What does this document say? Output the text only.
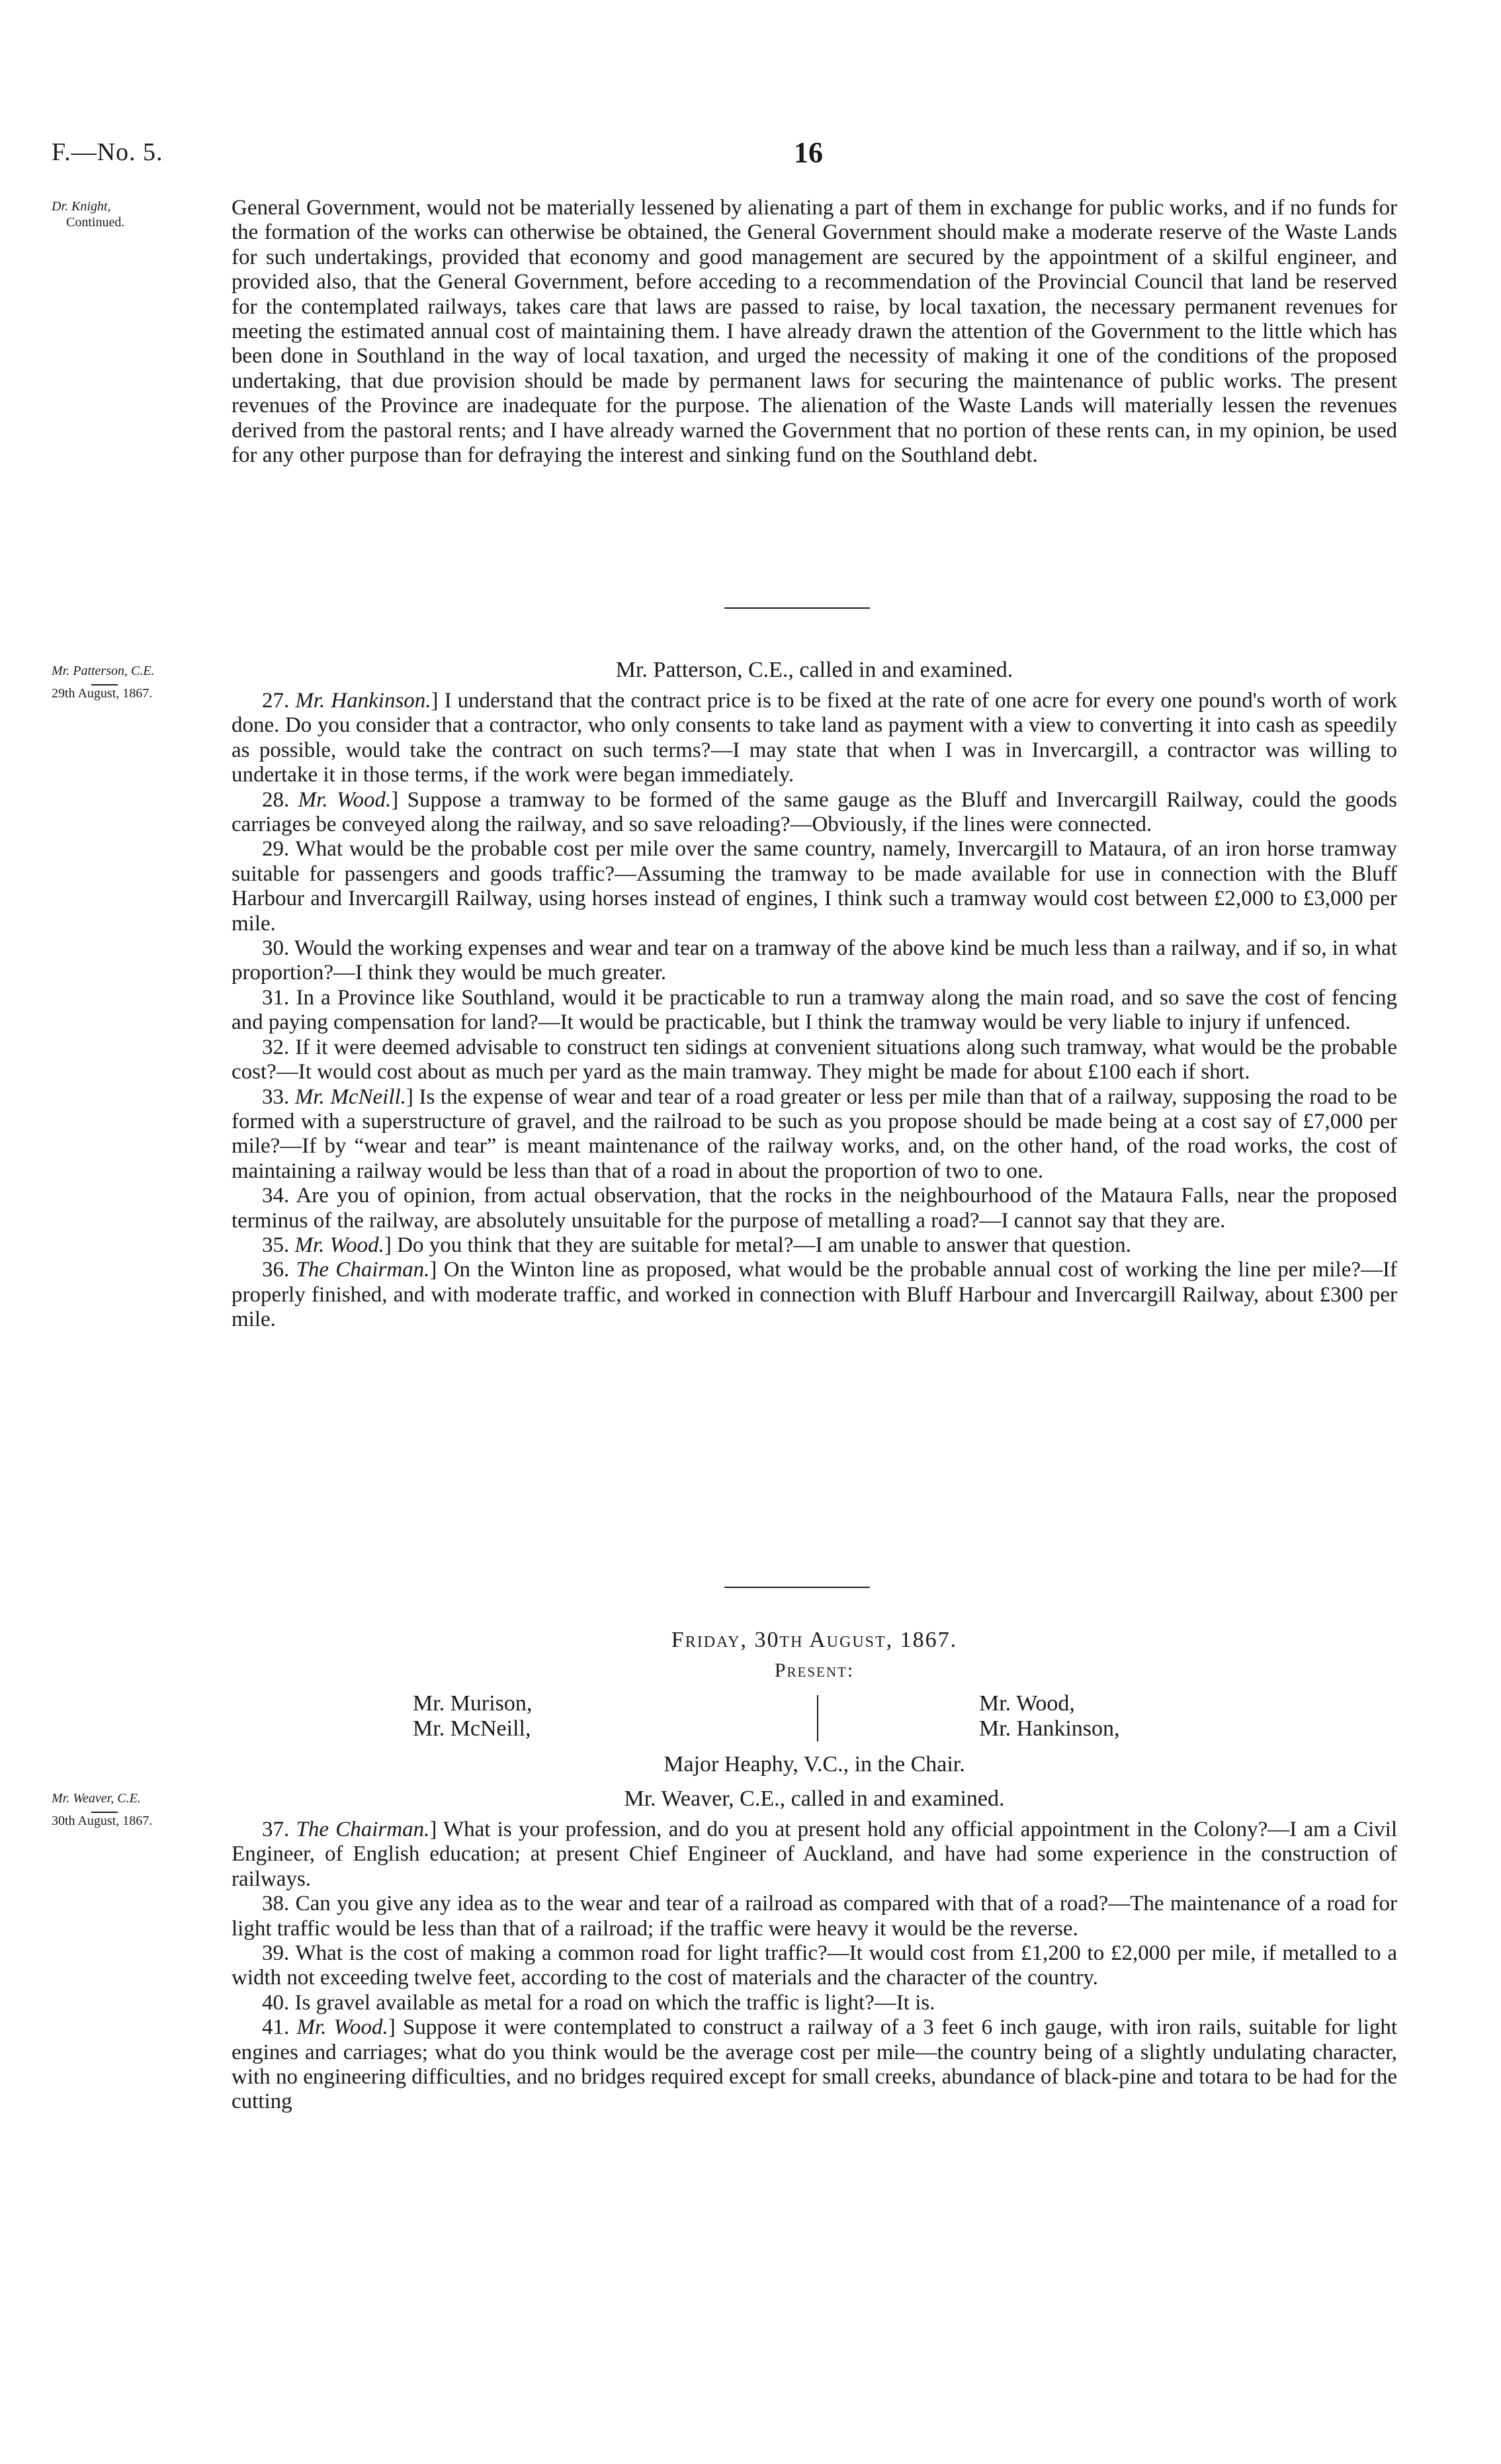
F.—No. 5.	16
Dr. Knight,
Continued.

General Government, would not be materially lessened by alienating a part of them in exchange for public works, and if no funds for the formation of the works can otherwise be obtained, the General Government should make a moderate reserve of the Waste Lands for such undertakings, provided that economy and good management are secured by the appointment of a skilful engineer, and provided also, that the General Government, before acceding to a recommendation of the Provincial Council that land be reserved for the contemplated railways, takes care that laws are passed to raise, by local taxation, the necessary permanent revenues for meeting the estimated annual cost of maintaining them. I have already drawn the attention of the Government to the little which has been done in Southland in the way of local taxation, and urged the necessity of making it one of the conditions of the proposed undertaking, that due provision should be made by permanent laws for securing the maintenance of public works. The present revenues of the Province are inadequate for the purpose. The alienation of the Waste Lands will materially lessen the revenues derived from the pastoral rents; and I have already warned the Government that no portion of these rents can, in my opinion, be used for any other purpose than for defraying the interest and sinking fund on the Southland debt.

Mr. Patterson, C.E.
29th August, 1867.
Mr. Patterson, C.E., called in and examined.

27. Mr. Hankinson.] I understand that the contract price is to be fixed at the rate of one acre for every one pound's worth of work done. Do you consider that a contractor, who only consents to take land as payment with a view to converting it into cash as speedily as possible, would take the contract on such terms?—I may state that when I was in Invercargill, a contractor was willing to undertake it in those terms, if the work were began immediately.

28. Mr. Wood.] Suppose a tramway to be formed of the same gauge as the Bluff and Invercargill Railway, could the goods carriages be conveyed along the railway, and so save reloading?—Obviously, if the lines were connected.

29. What would be the probable cost per mile over the same country, namely, Invercargill to Mataura, of an iron horse tramway suitable for passengers and goods traffic?—Assuming the tramway to be made available for use in connection with the Bluff Harbour and Invercargill Railway, using horses instead of engines, I think such a tramway would cost between £2,000 to £3,000 per mile.

30. Would the working expenses and wear and tear on a tramway of the above kind be much less than a railway, and if so, in what proportion?—I think they would be much greater.

31. In a Province like Southland, would it be practicable to run a tramway along the main road, and so save the cost of fencing and paying compensation for land?—It would be practicable, but I think the tramway would be very liable to injury if unfenced.

32. If it were deemed advisable to construct ten sidings at convenient situations along such tramway, what would be the probable cost?—It would cost about as much per yard as the main tramway. They might be made for about £100 each if short.

33. Mr. McNeill.] Is the expense of wear and tear of a road greater or less per mile than that of a railway, supposing the road to be formed with a superstructure of gravel, and the railroad to be such as you propose should be made being at a cost say of £7,000 per mile?—If by “wear and tear” is meant maintenance of the railway works, and, on the other hand, of the road works, the cost of maintaining a railway would be less than that of a road in about the proportion of two to one.

34. Are you of opinion, from actual observation, that the rocks in the neighbourhood of the Mataura Falls, near the proposed terminus of the railway, are absolutely unsuitable for the purpose of metalling a road?—I cannot say that they are.

35. Mr. Wood.] Do you think that they are suitable for metal?—I am unable to answer that question.

36. The Chairman.] On the Winton line as proposed, what would be the probable annual cost of working the line per mile?—If properly finished, and with moderate traffic, and worked in connection with Bluff Harbour and Invercargill Railway, about £300 per mile.

Friday, 30th August, 1867.
Present:
Mr. Murison,
Mr. McNeill,
Mr. Wood,
Mr. Hankinson,
Major Heaphy, V.C., in the Chair.
Mr. Weaver, C.E.
30th August, 1867.
Mr. Weaver, C.E., called in and examined.

37. The Chairman.] What is your profession, and do you at present hold any official appointment in the Colony?—I am a Civil Engineer, of English education; at present Chief Engineer of Auckland, and have had some experience in the construction of railways.

38. Can you give any idea as to the wear and tear of a railroad as compared with that of a road?—The maintenance of a road for light traffic would be less than that of a railroad; if the traffic were heavy it would be the reverse.

39. What is the cost of making a common road for light traffic?—It would cost from £1,200 to £2,000 per mile, if metalled to a width not exceeding twelve feet, according to the cost of materials and the character of the country.

40. Is gravel available as metal for a road on which the traffic is light?—It is.

41. Mr. Wood.] Suppose it were contemplated to construct a railway of a 3 feet 6 inch gauge, with iron rails, suitable for light engines and carriages; what do you think would be the average cost per mile—the country being of a slightly undulating character, with no engineering difficulties, and no bridges required except for small creeks, abundance of black-pine and totara to be had for the cutting
